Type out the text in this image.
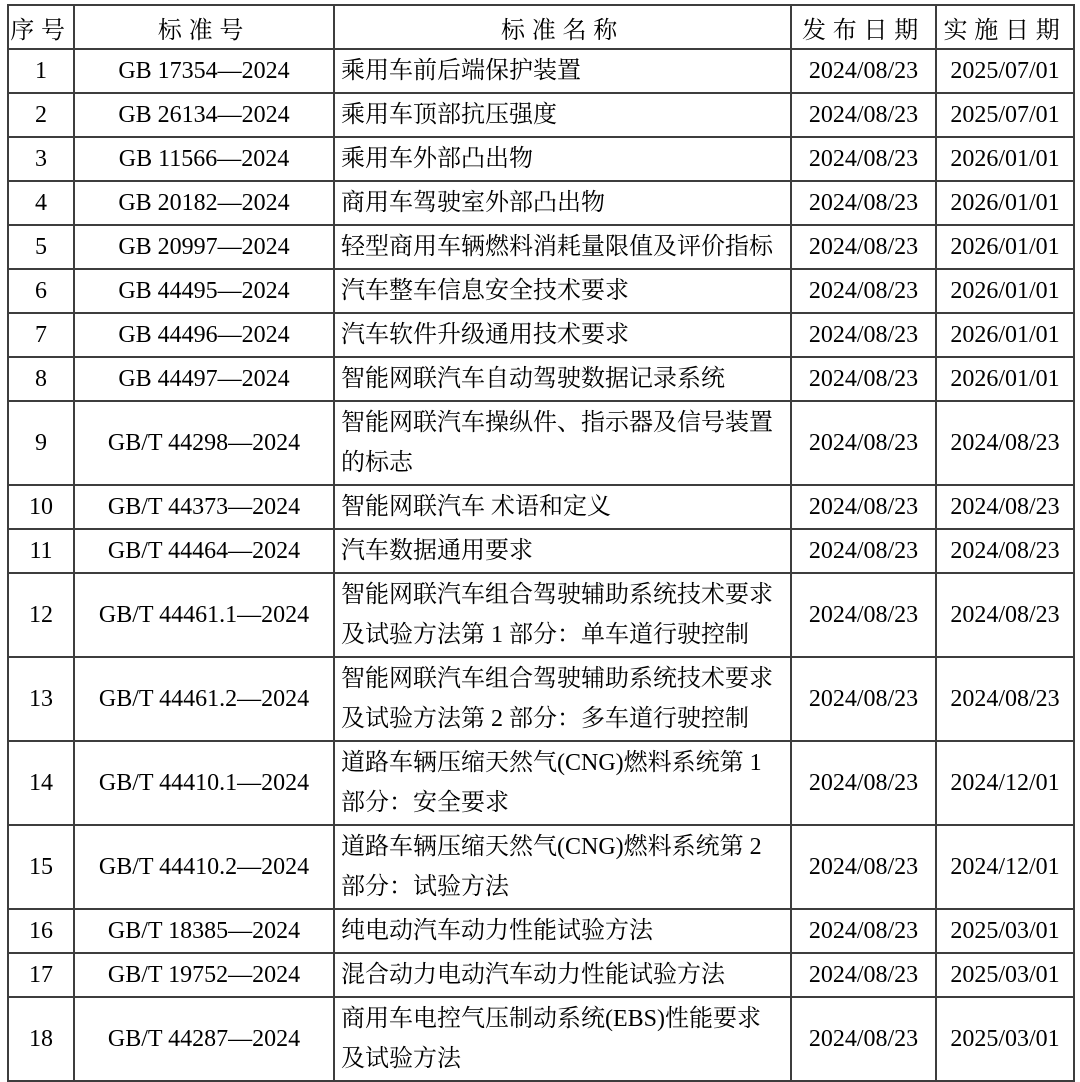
序号	标准号	标准名称	发布日期	实施日期
1	GB 17354—2024	乘用车前后端保护装置	2024/08/23	2025/07/01
2	GB 26134—2024	乘用车顶部抗压强度	2024/08/23	2025/07/01
3	GB 11566—2024	乘用车外部凸出物	2024/08/23	2026/01/01
4	GB 20182—2024	商用车驾驶室外部凸出物	2024/08/23	2026/01/01
5	GB 20997—2024	轻型商用车辆燃料消耗量限值及评价指标	2024/08/23	2026/01/01
6	GB 44495—2024	汽车整车信息安全技术要求	2024/08/23	2026/01/01
7	GB 44496—2024	汽车软件升级通用技术要求	2024/08/23	2026/01/01
8	GB 44497—2024	智能网联汽车自动驾驶数据记录系统	2024/08/23	2026/01/01
9	GB/T 44298—2024	智能网联汽车操纵件、指示器及信号装置的标志	2024/08/23	2024/08/23
10	GB/T 44373—2024	智能网联汽车 术语和定义	2024/08/23	2024/08/23
11	GB/T 44464—2024	汽车数据通用要求	2024/08/23	2024/08/23
12	GB/T 44461.1—2024	智能网联汽车组合驾驶辅助系统技术要求及试验方法第 1 部分：单车道行驶控制	2024/08/23	2024/08/23
13	GB/T 44461.2—2024	智能网联汽车组合驾驶辅助系统技术要求及试验方法第 2 部分：多车道行驶控制	2024/08/23	2024/08/23
14	GB/T 44410.1—2024	道路车辆压缩天然气(CNG)燃料系统第 1 部分：安全要求	2024/08/23	2024/12/01
15	GB/T 44410.2—2024	道路车辆压缩天然气(CNG)燃料系统第 2 部分：试验方法	2024/08/23	2024/12/01
16	GB/T 18385—2024	纯电动汽车动力性能试验方法	2024/08/23	2025/03/01
17	GB/T 19752—2024	混合动力电动汽车动力性能试验方法	2024/08/23	2025/03/01
18	GB/T 44287—2024	商用车电控气压制动系统(EBS)性能要求及试验方法	2024/08/23	2025/03/01
